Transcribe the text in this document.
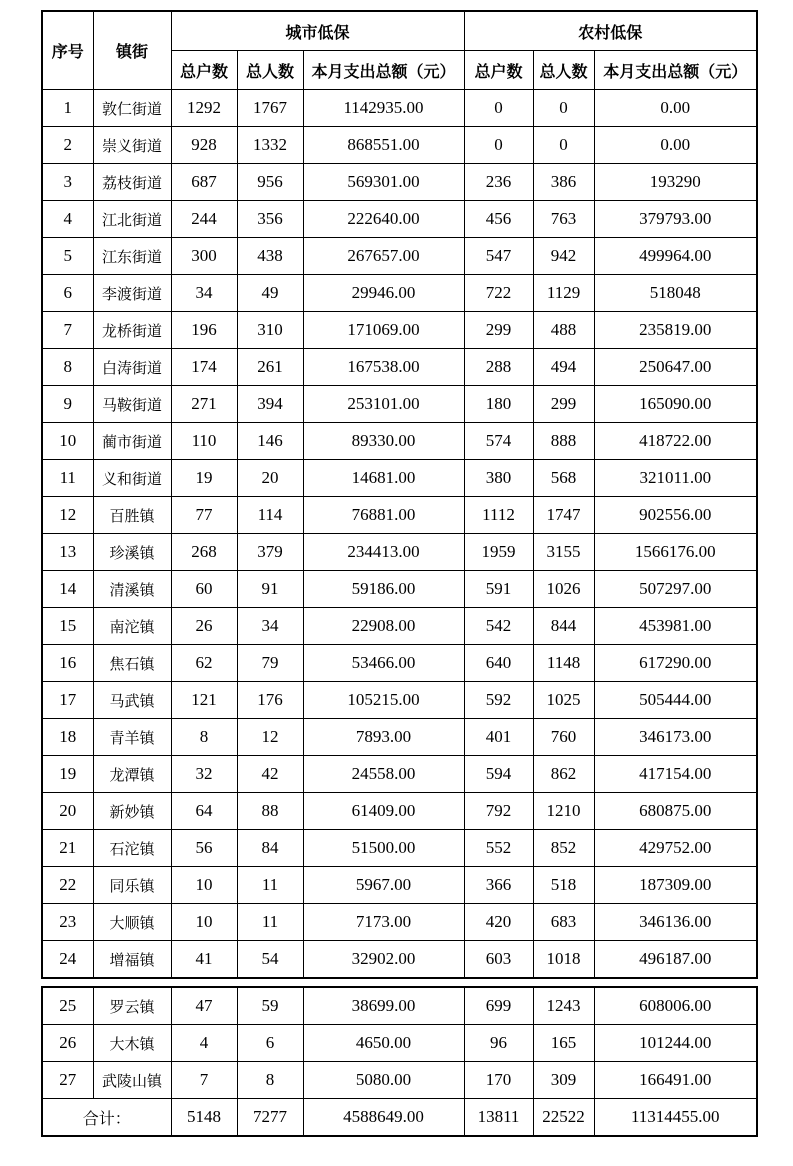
序号	镇街	城市低保			农村低保		
		总户数	总人数	本月支出总额（元）	总户数	总人数	本月支出总额（元）
1	敦仁街道	1292	1767	1142935.00	0	0	0.00
2	崇义街道	928	1332	868551.00	0	0	0.00
3	荔枝街道	687	956	569301.00	236	386	193290
4	江北街道	244	356	222640.00	456	763	379793.00
5	江东街道	300	438	267657.00	547	942	499964.00
6	李渡街道	34	49	29946.00	722	1129	518048
7	龙桥街道	196	310	171069.00	299	488	235819.00
8	白涛街道	174	261	167538.00	288	494	250647.00
9	马鞍街道	271	394	253101.00	180	299	165090.00
10	蔺市街道	110	146	89330.00	574	888	418722.00
11	义和街道	19	20	14681.00	380	568	321011.00
12	百胜镇	77	114	76881.00	1112	1747	902556.00
13	珍溪镇	268	379	234413.00	1959	3155	1566176.00
14	清溪镇	60	91	59186.00	591	1026	507297.00
15	南沱镇	26	34	22908.00	542	844	453981.00
16	焦石镇	62	79	53466.00	640	1148	617290.00
17	马武镇	121	176	105215.00	592	1025	505444.00
18	青羊镇	8	12	7893.00	401	760	346173.00
19	龙潭镇	32	42	24558.00	594	862	417154.00
20	新妙镇	64	88	61409.00	792	1210	680875.00
21	石沱镇	56	84	51500.00	552	852	429752.00
22	同乐镇	10	11	5967.00	366	518	187309.00
23	大顺镇	10	11	7173.00	420	683	346136.00
24	增福镇	41	54	32902.00	603	1018	496187.00
25	罗云镇	47	59	38699.00	699	1243	608006.00
26	大木镇	4	6	4650.00	96	165	101244.00
27	武陵山镇	7	8	5080.00	170	309	166491.00
合计：		5148	7277	4588649.00	13811	22522	11314455.00
